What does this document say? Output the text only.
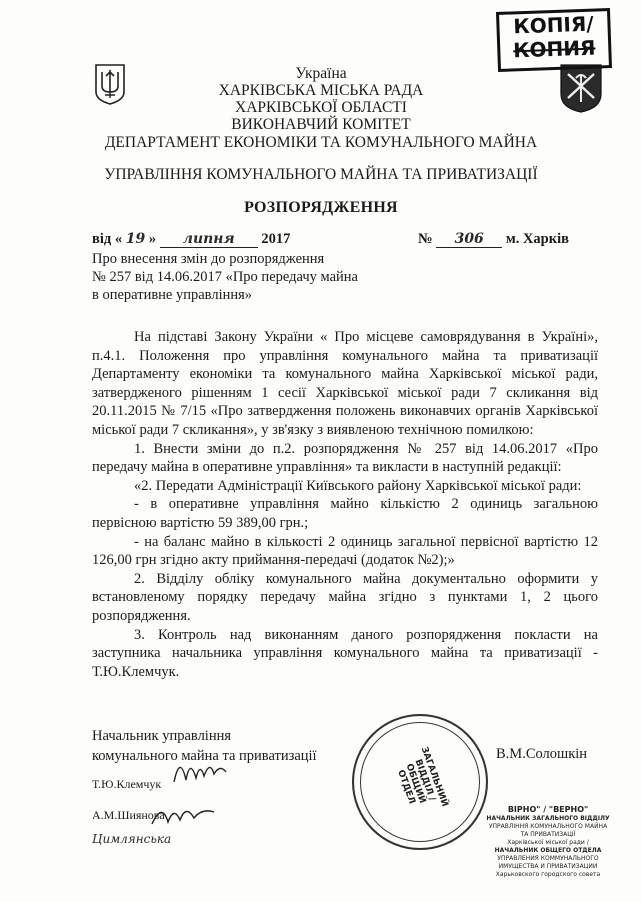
КОПІЯ/
КОПИЯ
Україна
ХАРКІВСЬКА МІСЬКА РАДА
ХАРКІВСЬКОЇ ОБЛАСТІ
ВИКОНАВЧИЙ КОМІТЕТ
ДЕПАРТАМЕНТ ЕКОНОМІКИ ТА КОМУНАЛЬНОГО МАЙНА
УПРАВЛІННЯ КОМУНАЛЬНОГО МАЙНА ТА ПРИВАТИЗАЦІЇ
РОЗПОРЯДЖЕННЯ
від « 19 » липня 2017	№ 306 м. Харків
Про внесення змін до розпорядження
№ 257 від 14.06.2017 «Про передачу майна
в оперативне управління»
На підставі Закону України « Про місцеве самоврядування в Україні», п.4.1. Положення про управління комунального майна та приватизації Департаменту економіки та комунального майна Харківської міської ради, затвердженого рішенням 1 сесії Харківської міської ради 7 скликання від 20.11.2015 № 7/15 «Про затвердження положень виконавчих органів Харківської міської ради 7 скликання», у зв'язку з виявленою технічною помилкою:
1. Внести зміни до п.2. розпорядження № 257 від 14.06.2017 «Про передачу майна в оперативне управління» та викласти в наступній редакції:
«2. Передати Адміністрації Київського району Харківської міської ради:
- в оперативне управління майно кількістю 2 одиниць загальною первісною вартістю 59 389,00 грн.;
- на баланс майно в кількості 2 одиниць загальної первісної вартістю 12 126,00 грн згідно акту приймання-передачі (додаток №2);»
2. Відділу обліку комунального майна документально оформити у встановленому порядку передачу майна згідно з пунктами 1, 2 цього розпорядження.
3. Контроль над виконанням даного розпорядження покласти на заступника начальника управління комунального майна та приватизації - Т.Ю.Клемчук.
Начальник управління
комунального майна та приватизації	В.М.Солошкін
Т.Ю.Клемчук
А.М.Шиянова
Цимлянська
ЗАГАЛЬНИЙ ВІДДІЛ / ОБЩИЙ ОТДЕЛ
ВІРНО" / "ВЕРНО"
НАЧАЛЬНИК ЗАГАЛЬНОГО ВІДДІЛУ
УПРАВЛІННЯ КОМУНАЛЬНОГО МАЙНА ТА ПРИВАТИЗАЦІЇ
Харківської міської ради /
НАЧАЛЬНИК ОБЩЕГО ОТДЕЛА
УПРАВЛЕНИЯ КОММУНАЛЬНОГО ИМУЩЕСТВА И ПРИВАТИЗАЦИИ
Харьковского городского совета
